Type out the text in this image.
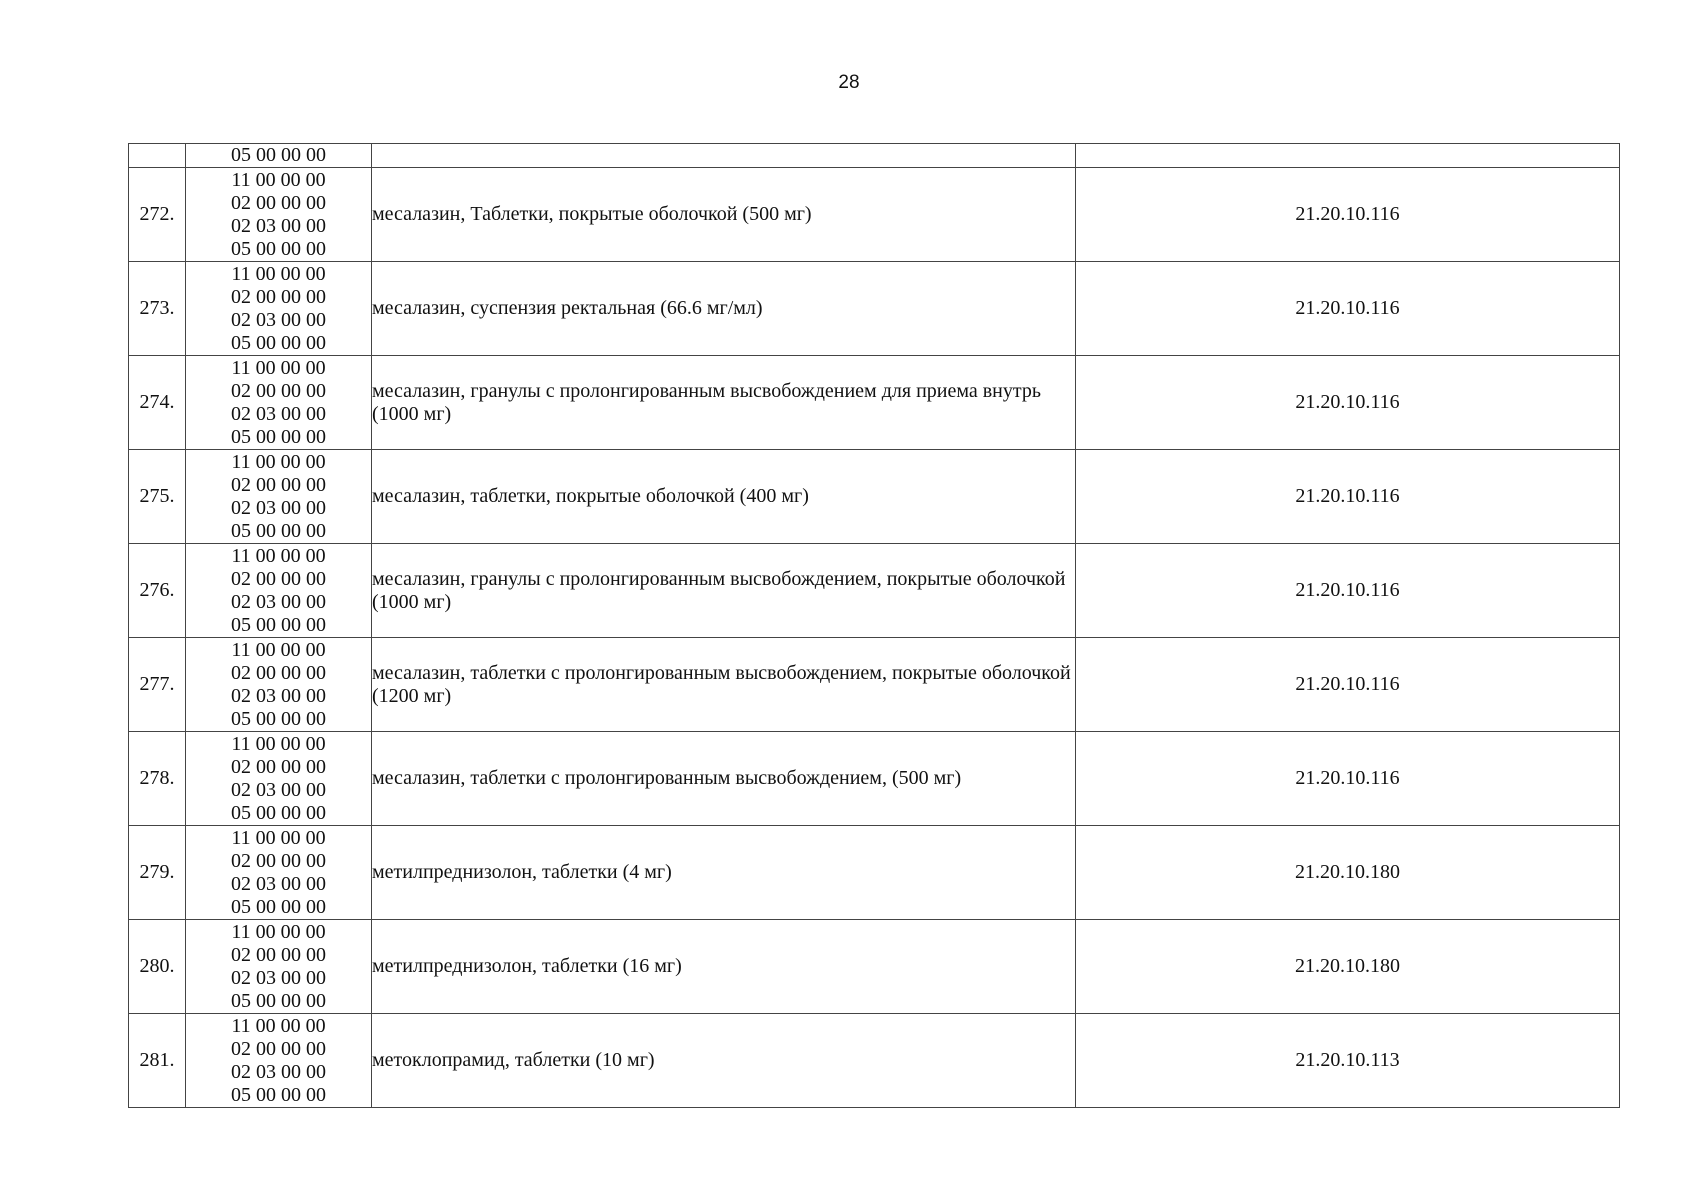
28

	05 00 00 00		

272.	11 00 00 00
02 00 00 00
02 03 00 00
05 00 00 00	месалазин, Таблетки, покрытые оболочкой (500 мг)	21.20.10.116
273.	11 00 00 00
02 00 00 00
02 03 00 00
05 00 00 00	месалазин, суспензия ректальная (66.6 мг/мл)	21.20.10.116
274.	11 00 00 00
02 00 00 00
02 03 00 00
05 00 00 00	месалазин, гранулы с пролонгированным высвобождением для приема внутрь (1000 мг)	21.20.10.116
275.	11 00 00 00
02 00 00 00
02 03 00 00
05 00 00 00	месалазин, таблетки, покрытые оболочкой (400 мг)	21.20.10.116
276.	11 00 00 00
02 00 00 00
02 03 00 00
05 00 00 00	месалазин, гранулы с пролонгированным высвобождением, покрытые оболочкой (1000 мг)	21.20.10.116
277.	11 00 00 00
02 00 00 00
02 03 00 00
05 00 00 00	месалазин, таблетки с пролонгированным высвобождением, покрытые оболочкой (1200 мг)	21.20.10.116
278.	11 00 00 00
02 00 00 00
02 03 00 00
05 00 00 00	месалазин, таблетки с пролонгированным высвобождением, (500 мг)	21.20.10.116
279.	11 00 00 00
02 00 00 00
02 03 00 00
05 00 00 00	метилпреднизолон, таблетки (4 мг)	21.20.10.180
280.	11 00 00 00
02 00 00 00
02 03 00 00
05 00 00 00	метилпреднизолон, таблетки (16 мг)	21.20.10.180
281.	11 00 00 00
02 00 00 00
02 03 00 00
05 00 00 00	метоклопрамид, таблетки (10 мг)	21.20.10.113
